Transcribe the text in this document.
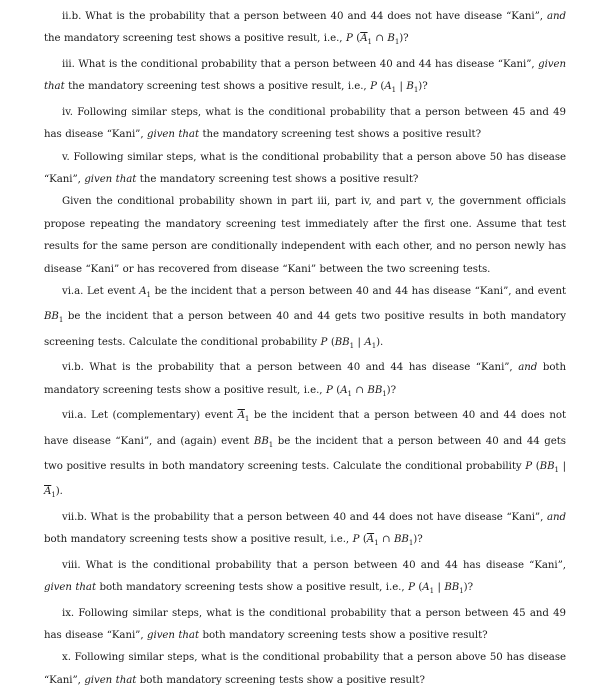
ii.b. What is the probability that a person between 40 and 44 does not have disease “Kani”, and the mandatory screening test shows a positive result, i.e., P ($\overline{A}_1$ ∩ $B_1$)?

iii. What is the conditional probability that a person between 40 and 44 has disease “Kani”, given that the mandatory screening test shows a positive result, i.e., P ($A_1$ | $B_1$)?

iv. Following similar steps, what is the conditional probability that a person between 45 and 49 has disease “Kani”, given that the mandatory screening test shows a positive result?

v. Following similar steps, what is the conditional probability that a person above 50 has disease “Kani”, given that the mandatory screening test shows a positive result?

Given the conditional probability shown in part iii, part iv, and part v, the government officials propose repeating the mandatory screening test immediately after the first one. Assume that test results for the same person are conditionally independent with each other, and no person newly has disease “Kani” or has recovered from disease “Kani” between the two screening tests.

vi.a. Let event $A_1$ be the incident that a person between 40 and 44 has disease “Kani”, and event $BB_1$ be the incident that a person between 40 and 44 gets two positive results in both mandatory screening tests. Calculate the conditional probability P ($BB_1$ | $A_1$).

vi.b. What is the probability that a person between 40 and 44 has disease “Kani”, and both mandatory screening tests show a positive result, i.e., P ($A_1$ ∩ $BB_1$)?

vii.a. Let (complementary) event $\overline{A}_1$ be the incident that a person between 40 and 44 does not have disease “Kani”, and (again) event $BB_1$ be the incident that a person between 40 and 44 gets two positive results in both mandatory screening tests. Calculate the conditional probability P ($BB_1$ | $\overline{A}_1$).

vii.b. What is the probability that a person between 40 and 44 does not have disease “Kani”, and both mandatory screening tests show a positive result, i.e., P ($\overline{A}_1$ ∩ $BB_1$)?

viii. What is the conditional probability that a person between 40 and 44 has disease “Kani”, given that both mandatory screening tests show a positive result, i.e., P ($A_1$ | $BB_1$)?

ix. Following similar steps, what is the conditional probability that a person between 45 and 49 has disease “Kani”, given that both mandatory screening tests show a positive result?

x. Following similar steps, what is the conditional probability that a person above 50 has disease “Kani”, given that both mandatory screening tests show a positive result?
